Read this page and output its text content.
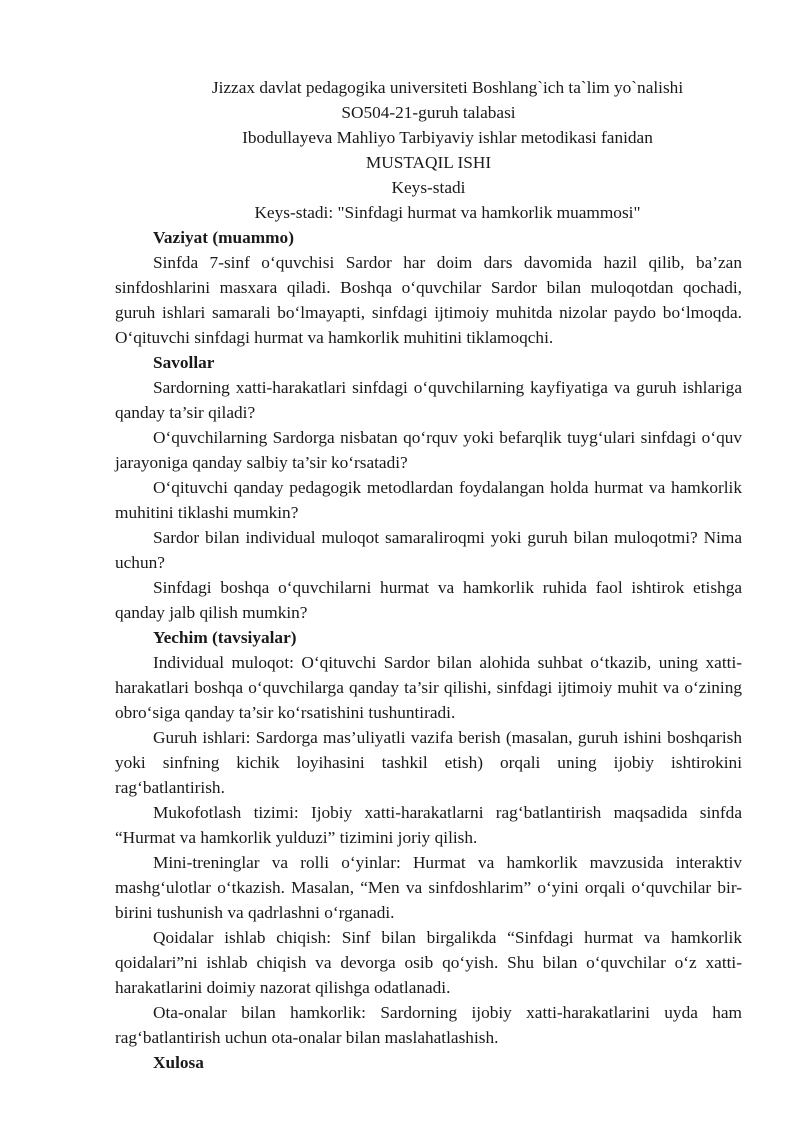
Jizzax davlat pedagogika universiteti Boshlang`ich ta`lim yo`nalishi
SO504-21-guruh talabasi
Ibodullayeva Mahliyo Tarbiyaviy ishlar metodikasi fanidan
MUSTAQIL ISHI
Keys-stadi
Keys-stadi: "Sinfdagi hurmat va hamkorlik muammosi"

Vaziyat (muammo)

Sinfda 7-sinf o‘quvchisi Sardor har doim dars davomida hazil qilib, ba’zan sinfdoshlarini masxara qiladi. Boshqa o‘quvchilar Sardor bilan muloqotdan qochadi, guruh ishlari samarali bo‘lmayapti, sinfdagi ijtimoiy muhitda nizolar paydo bo‘lmoqda. O‘qituvchi sinfdagi hurmat va hamkorlik muhitini tiklamoqchi.

Savollar

Sardorning xatti-harakatlari sinfdagi o‘quvchilarning kayfiyatiga va guruh ishlariga qanday ta’sir qiladi?

O‘quvchilarning Sardorga nisbatan qo‘rquv yoki befarqlik tuyg‘ulari sinfdagi o‘quv jarayoniga qanday salbiy ta’sir ko‘rsatadi?

O‘qituvchi qanday pedagogik metodlardan foydalangan holda hurmat va hamkorlik muhitini tiklashi mumkin?

Sardor bilan individual muloqot samaraliroqmi yoki guruh bilan muloqotmi? Nima uchun?

Sinfdagi boshqa o‘quvchilarni hurmat va hamkorlik ruhida faol ishtirok etishga qanday jalb qilish mumkin?

Yechim (tavsiyalar)

Individual muloqot: O‘qituvchi Sardor bilan alohida suhbat o‘tkazib, uning xatti-harakatlari boshqa o‘quvchilarga qanday ta’sir qilishi, sinfdagi ijtimoiy muhit va o‘zining obro‘siga qanday ta’sir ko‘rsatishini tushuntiradi.

Guruh ishlari: Sardorga mas’uliyatli vazifa berish (masalan, guruh ishini boshqarish yoki sinfning kichik loyihasini tashkil etish) orqali uning ijobiy ishtirokini rag‘batlantirish.

Mukofotlash tizimi: Ijobiy xatti-harakatlarni rag‘batlantirish maqsadida sinfda “Hurmat va hamkorlik yulduzi” tizimini joriy qilish.

Mini-treninglar va rolli o‘yinlar: Hurmat va hamkorlik mavzusida interaktiv mashg‘ulotlar o‘tkazish. Masalan, “Men va sinfdoshlarim” o‘yini orqali o‘quvchilar bir-birini tushunish va qadrlashni o‘rganadi.

Qoidalar ishlab chiqish: Sinf bilan birgalikda “Sinfdagi hurmat va hamkorlik qoidalari”ni ishlab chiqish va devorga osib qo‘yish. Shu bilan o‘quvchilar o‘z xatti-harakatlarini doimiy nazorat qilishga odatlanadi.

Ota-onalar bilan hamkorlik: Sardorning ijobiy xatti-harakatlarini uyda ham rag‘batlantirish uchun ota-onalar bilan maslahatlashish.

Xulosa
